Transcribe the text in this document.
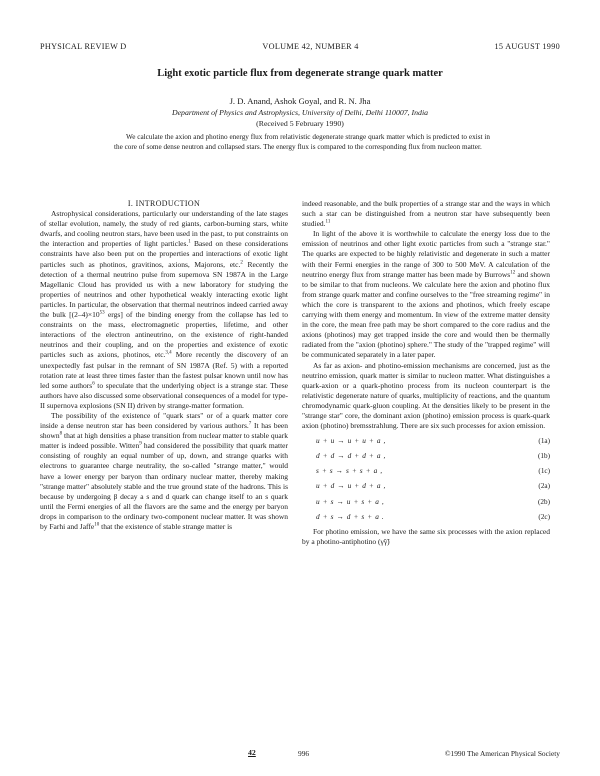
PHYSICAL REVIEW D	VOLUME 42, NUMBER 4	15 AUGUST 1990
Light exotic particle flux from degenerate strange quark matter
J. D. Anand, Ashok Goyal, and R. N. Jha
Department of Physics and Astrophysics, University of Delhi, Delhi 110007, India
(Received 5 February 1990)
We calculate the axion and photino energy flux from relativistic degenerate strange quark matter which is predicted to exist in the core of some dense neutron and collapsed stars. The energy flux is compared to the corresponding flux from nucleon matter.

I. INTRODUCTION

Astrophysical considerations, particularly our understanding of the late stages of stellar evolution, namely, the study of red giants, carbon-burning stars, white dwarfs, and cooling neutron stars, have been used in the past, to put constraints on the interaction and properties of light particles.$^1$ Based on these considerations constraints have also been put on the properties and interactions of exotic light particles such as photinos, gravitinos, axions, Majorons, etc.$^2$ Recently the detection of a thermal neutrino pulse from supernova SN 1987A in the Large Magellanic Cloud has provided us with a new laboratory for studying the properties of neutrinos and other hypothetical weakly interacting exotic light particles. In particular, the observation that thermal neutrinos indeed carried away the bulk [$(2-4)\times 10^{53}$ ergs] of the binding energy from the collapse has led to constraints on the mass, electromagnetic properties, lifetime, and other interactions of the electron antineutrino, on the existence of right-handed neutrinos and their coupling, and on the properties and existence of exotic particles such as axions, photinos, etc.$^{3,4}$ More recently the discovery of an unexpectedly fast pulsar in the remnant of SN 1987A (Ref. 5) with a reported rotation rate at least three times faster than the fastest pulsar known until now has led some authors$^6$ to speculate that the underlying object is a strange star. These authors have also discussed some observational consequences of a model for type-II supernova explosions (SN II) driven by strange-matter formation.

The possibility of the existence of "quark stars" or of a quark matter core inside a dense neutron star has been considered by various authors.$^7$ It has been shown$^8$ that at high densities a phase transition from nuclear matter to stable quark matter is indeed possible. Witten$^9$ had considered the possibility that quark matter consisting of roughly an equal number of up, down, and strange quarks with electrons to guarantee charge neutrality, the so-called "strange matter," would have a lower energy per baryon than ordinary nuclear matter, thereby making "strange matter" absolutely stable and the true ground state of the hadrons. This is because by undergoing β decay a s and d quark can change itself to an s quark until the Fermi energies of all the flavors are the same and the energy per baryon drops in comparison to the ordinary two-component nuclear matter. It was shown by Farhi and Jaffe$^{10}$ that the existence of stable strange matter is

indeed reasonable, and the bulk properties of a strange star and the ways in which such a star can be distinguished from a neutron star have subsequently been studied.$^{11}$

In light of the above it is worthwhile to calculate the energy loss due to the emission of neutrinos and other light exotic particles from such a "strange star." The quarks are expected to be highly relativistic and degenerate in such a matter with their Fermi energies in the range of 300 to 500 MeV. A calculation of the neutrino energy flux from strange matter has been made by Burrows$^{12}$ and shown to be similar to that from nucleons. We calculate here the axion and photino flux from strange quark matter and confine ourselves to the "free streaming regime" in which the core is transparent to the axions and photinos, which freely escape carrying with them energy and momentum. In view of the extreme matter density in the core, the mean free path may be short compared to the core radius and the axions (photinos) may get trapped inside the core and would then be thermally radiated from the "axion (photino) sphere." The study of the "trapped regime" will be communicated separately in a later paper.

As far as axion- and photino-emission mechanisms are concerned, just as the neutrino emission, quark matter is similar to nucleon matter. What distinguishes a quark-axion or a quark-photino process from its nucleon counterpart is the relativistic degenerate nature of quarks, multiplicity of reactions, and the quantum chromodynamic quark-gluon coupling. At the densities likely to be present in the "strange star" core, the dominant axion (photino) emission process is quark-quark axion (photino) bremsstrahlung. There are six such processes for axion emission.

u + u → u + u + a ,	(1a)
d + d → d + d + a ,	(1b)
s + s → s + s + a ,	(1c)
u + d → u + d + a ,	(2a)
u + s → u + s + a ,	(2b)
d + s → d + s + a .	(2c)

For photino emission, we have the same six processes with the axion replaced by a photino-antiphotino (γ̃γ̃)

42	996	©1990 The American Physical Society
